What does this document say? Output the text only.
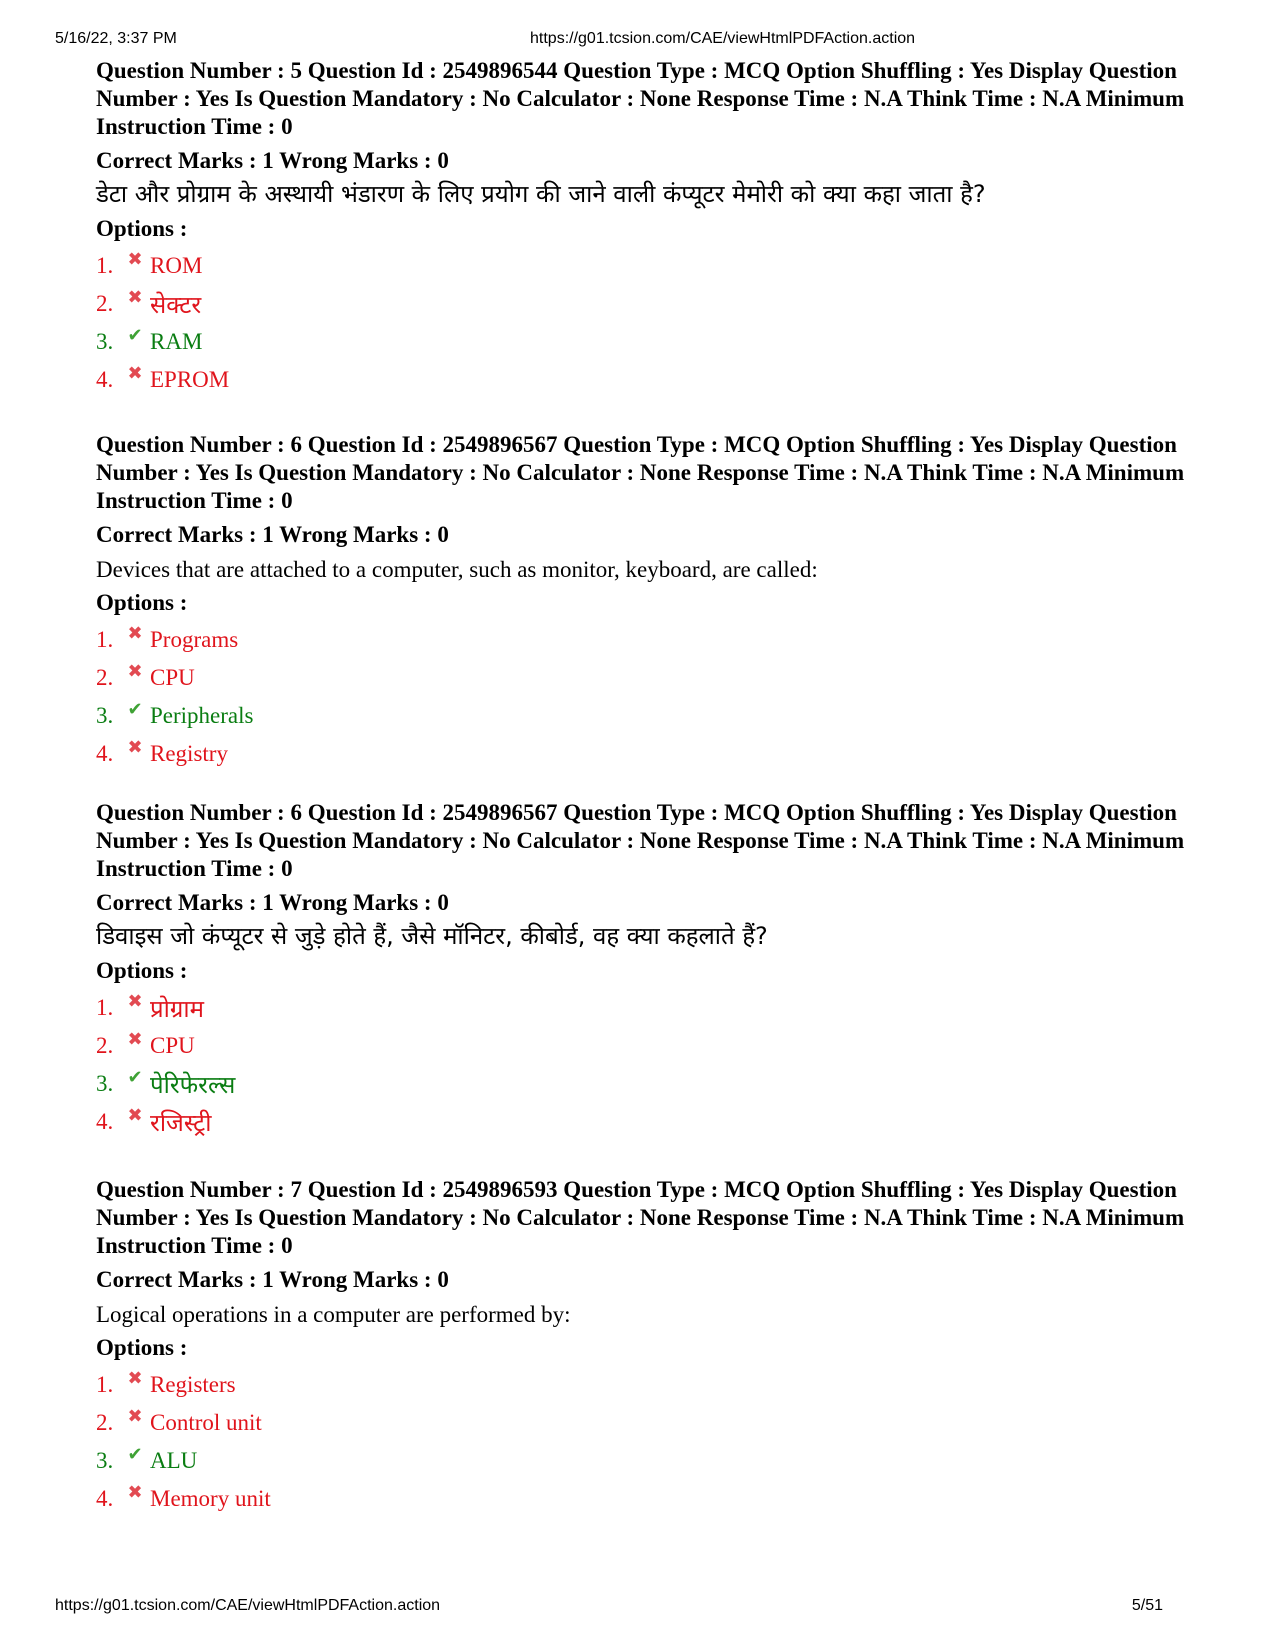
5/16/22, 3:37 PM	https://g01.tcsion.com/CAE/viewHtmlPDFAction.action

Question Number : 5 Question Id : 2549896544 Question Type : MCQ Option Shuffling : Yes Display Question Number : Yes Is Question Mandatory : No Calculator : None Response Time : N.A Think Time : N.A Minimum Instruction Time : 0

Correct Marks : 1 Wrong Marks : 0
डेटा और प्रोग्राम के अस्थायी भंडारण के लिए प्रयोग की जाने वाली कंप्यूटर मेमोरी को क्या कहा जाता है?
Options :
1. ✖ ROM
2. ✖ सेक्टर
3. ✔ RAM
4. ✖ EPROM

Question Number : 6 Question Id : 2549896567 Question Type : MCQ Option Shuffling : Yes Display Question Number : Yes Is Question Mandatory : No Calculator : None Response Time : N.A Think Time : N.A Minimum Instruction Time : 0

Correct Marks : 1 Wrong Marks : 0
Devices that are attached to a computer, such as monitor, keyboard, are called:
Options :
1. ✖ Programs
2. ✖ CPU
3. ✔ Peripherals
4. ✖ Registry

Question Number : 6 Question Id : 2549896567 Question Type : MCQ Option Shuffling : Yes Display Question Number : Yes Is Question Mandatory : No Calculator : None Response Time : N.A Think Time : N.A Minimum Instruction Time : 0

Correct Marks : 1 Wrong Marks : 0
डिवाइस जो कंप्यूटर से जुड़े होते हैं, जैसे मॉनिटर, कीबोर्ड, वह क्या कहलाते हैं?
Options :
1. ✖ प्रोग्राम
2. ✖ CPU
3. ✔ पेरिफेरल्स
4. ✖ रजिस्ट्री

Question Number : 7 Question Id : 2549896593 Question Type : MCQ Option Shuffling : Yes Display Question Number : Yes Is Question Mandatory : No Calculator : None Response Time : N.A Think Time : N.A Minimum Instruction Time : 0

Correct Marks : 1 Wrong Marks : 0
Logical operations in a computer are performed by:
Options :
1. ✖ Registers
2. ✖ Control unit
3. ✔ ALU
4. ✖ Memory unit
https://g01.tcsion.com/CAE/viewHtmlPDFAction.action	5/51
